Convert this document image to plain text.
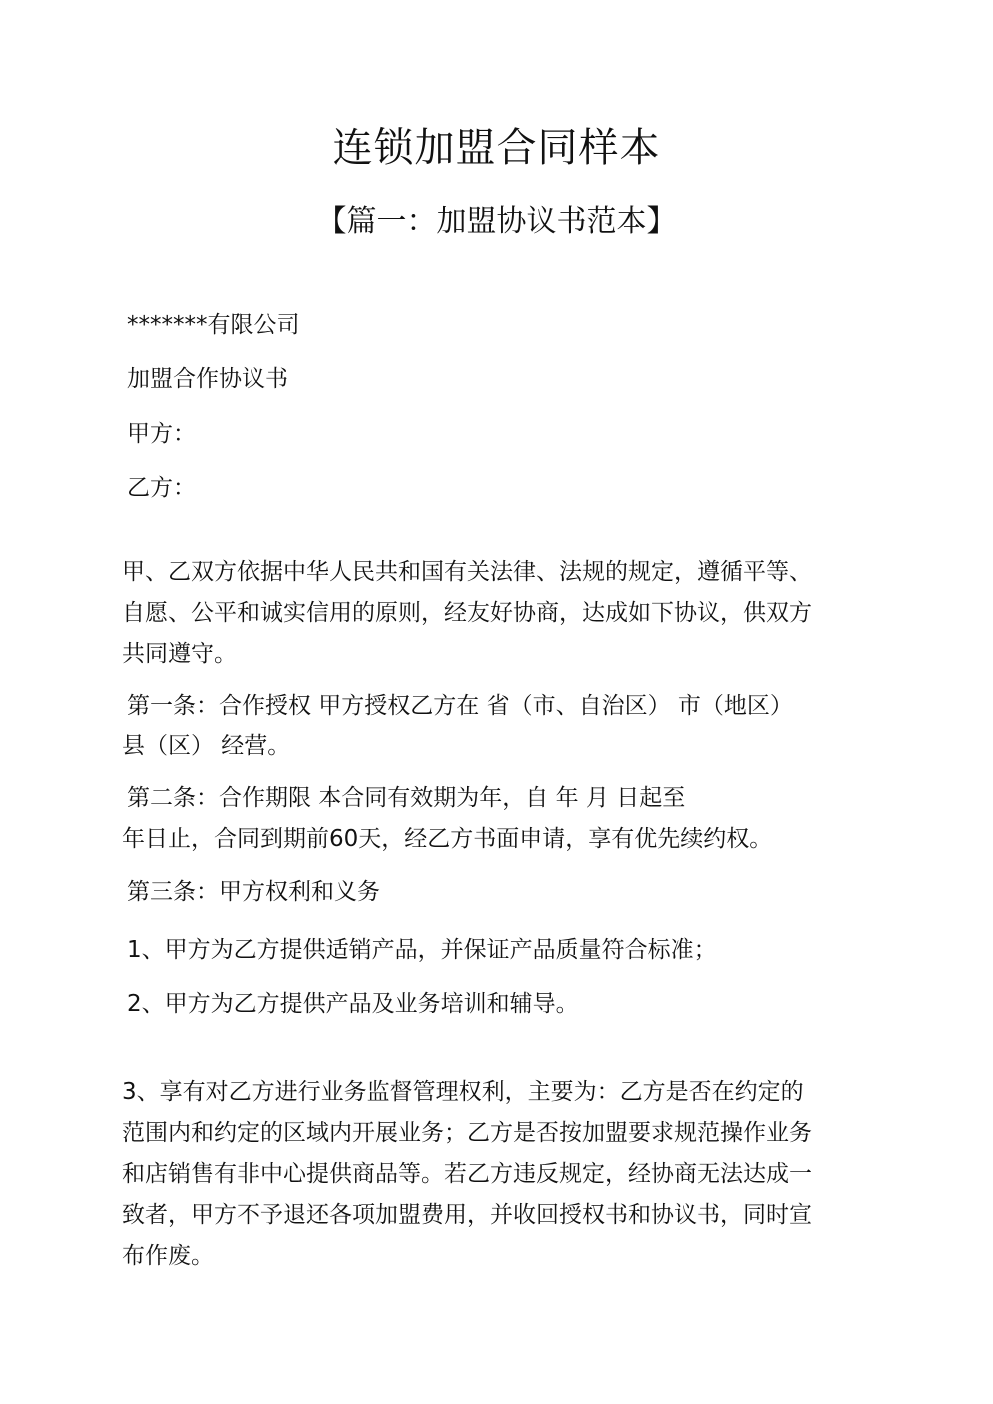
连锁加盟合同样本
【篇一：加盟协议书范本】
*******有限公司
加盟合作协议书
甲方：
乙方：
甲、乙双方依据中华人民共和国有关法律、法规的规定，遵循平等、
自愿、公平和诚实信用的原则，经友好协商，达成如下协议，供双方
共同遵守。
第一条：合作授权 甲方授权乙方在 省（市、自治区） 市（地区）
县（区） 经营。
第二条：合作期限 本合同有效期为年，自 年 月 日起至
年日止，合同到期前60天，经乙方书面申请，享有优先续约权。
第三条：甲方权利和义务
1、甲方为乙方提供适销产品，并保证产品质量符合标准；
2、甲方为乙方提供产品及业务培训和辅导。
3、享有对乙方进行业务监督管理权利，主要为：乙方是否在约定的
范围内和约定的区域内开展业务；乙方是否按加盟要求规范操作业务
和店销售有非中心提供商品等。若乙方违反规定，经协商无法达成一
致者，甲方不予退还各项加盟费用，并收回授权书和协议书，同时宣
布作废。
